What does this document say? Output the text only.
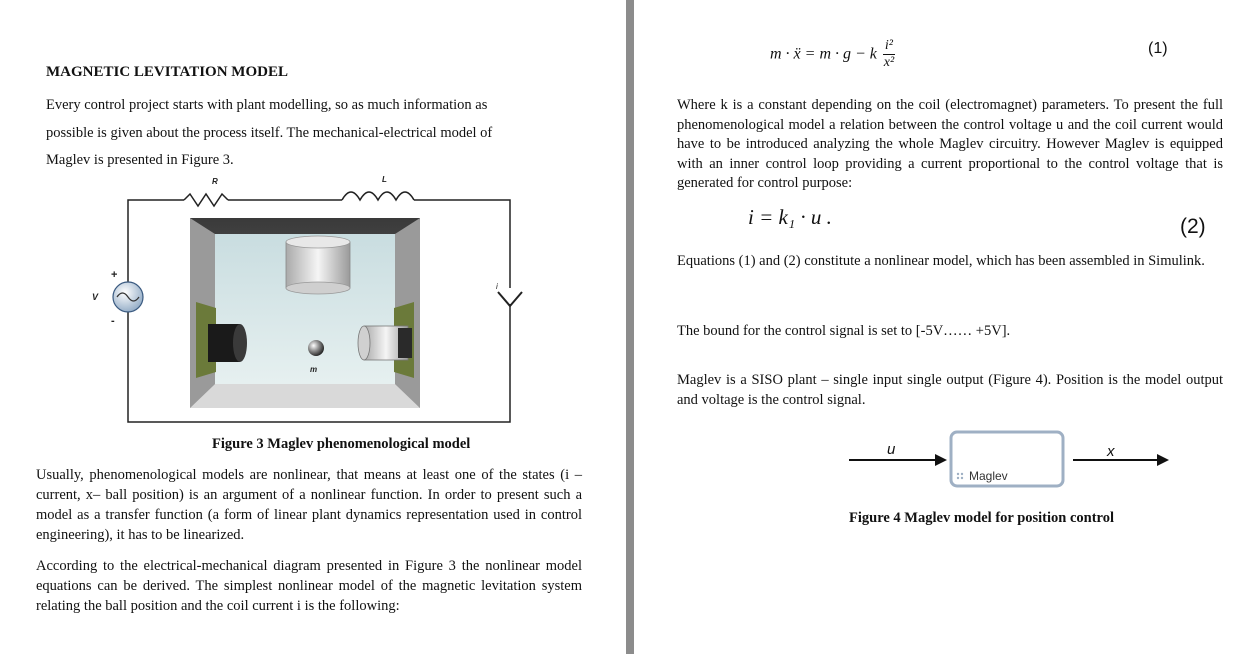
MAGNETIC LEVITATION MODEL
Every control project starts with plant modelling, so as much information as possible is given about the process itself. The mechanical-electrical model of Maglev is presented in Figure 3.
R	L
i
V
+
-
m
Figure 3 Maglev phenomenological model
Usually, phenomenological models are nonlinear, that means at least one of the states (i – current, x– ball position) is an argument of a nonlinear function. In order to present such a model as a transfer function (a form of linear plant dynamics representation used in control engineering), it has to be linearized.
According to the electrical-mechanical diagram presented in Figure 3 the nonlinear model equations can be derived. The simplest nonlinear model of the magnetic levitation system relating the ball position and the coil current i is the following:
m · ẍ = m · g − k $\frac{\text{i²}}{\text{x²}}$	(1)
Where k is a constant depending on the coil (electromagnet) parameters. To present the full phenomenological model a relation between the control voltage u and the coil current would have to be introduced analyzing the whole Maglev circuitry. However Maglev is equipped with an inner control loop providing a current proportional to the control voltage that is generated for control purpose:
i = k₁ · u .	(2)
Equations (1) and (2) constitute a nonlinear model, which has been assembled in Simulink.
The bound for the control signal is set to [-5V…… +5V].
Maglev is a SISO plant – single input single output (Figure 4). Position is the model output and voltage is the control signal.
u
Maglev
x
Figure 4 Maglev model for position control
